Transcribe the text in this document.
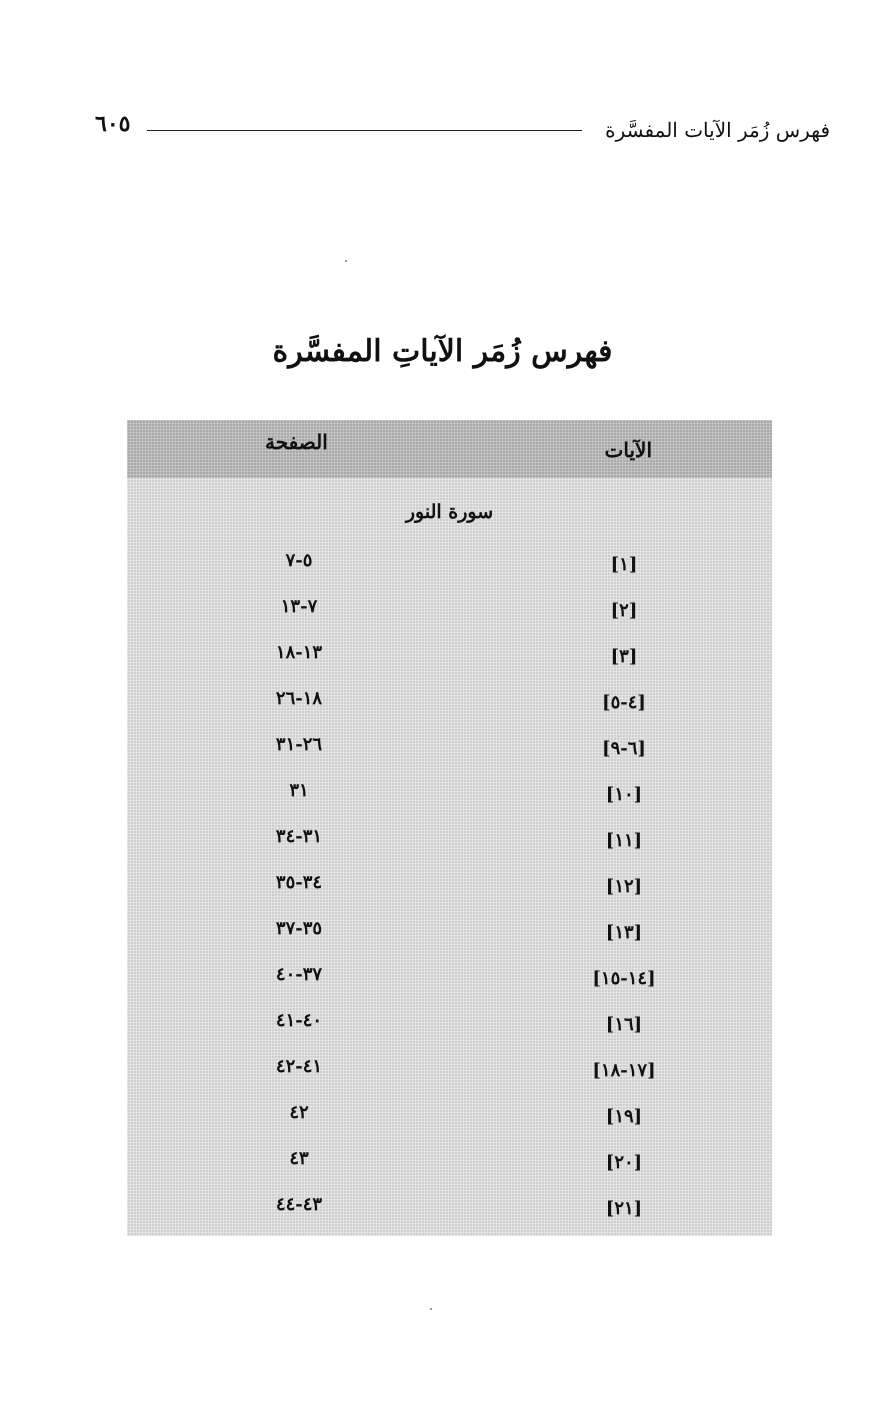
فهرس زُمَر الآيات المفسَّرة
٦٠٥
فهرس زُمَر الآياتِ المفسَّرة
الآيات
الصفحة
سورة النور
[١]
٥-٧
[٢]
٧-١٣
[٣]
١٣-١٨
[٤-٥]
١٨-٢٦
[٦-٩]
٢٦-٣١
[١٠]
٣١
[١١]
٣١-٣٤
[١٢]
٣٤-٣٥
[١٣]
٣٥-٣٧
[١٤-١٥]
٣٧-٤٠
[١٦]
٤٠-٤١
[١٧-١٨]
٤١-٤٢
[١٩]
٤٢
[٢٠]
٤٣
[٢١]
٤٣-٤٤
